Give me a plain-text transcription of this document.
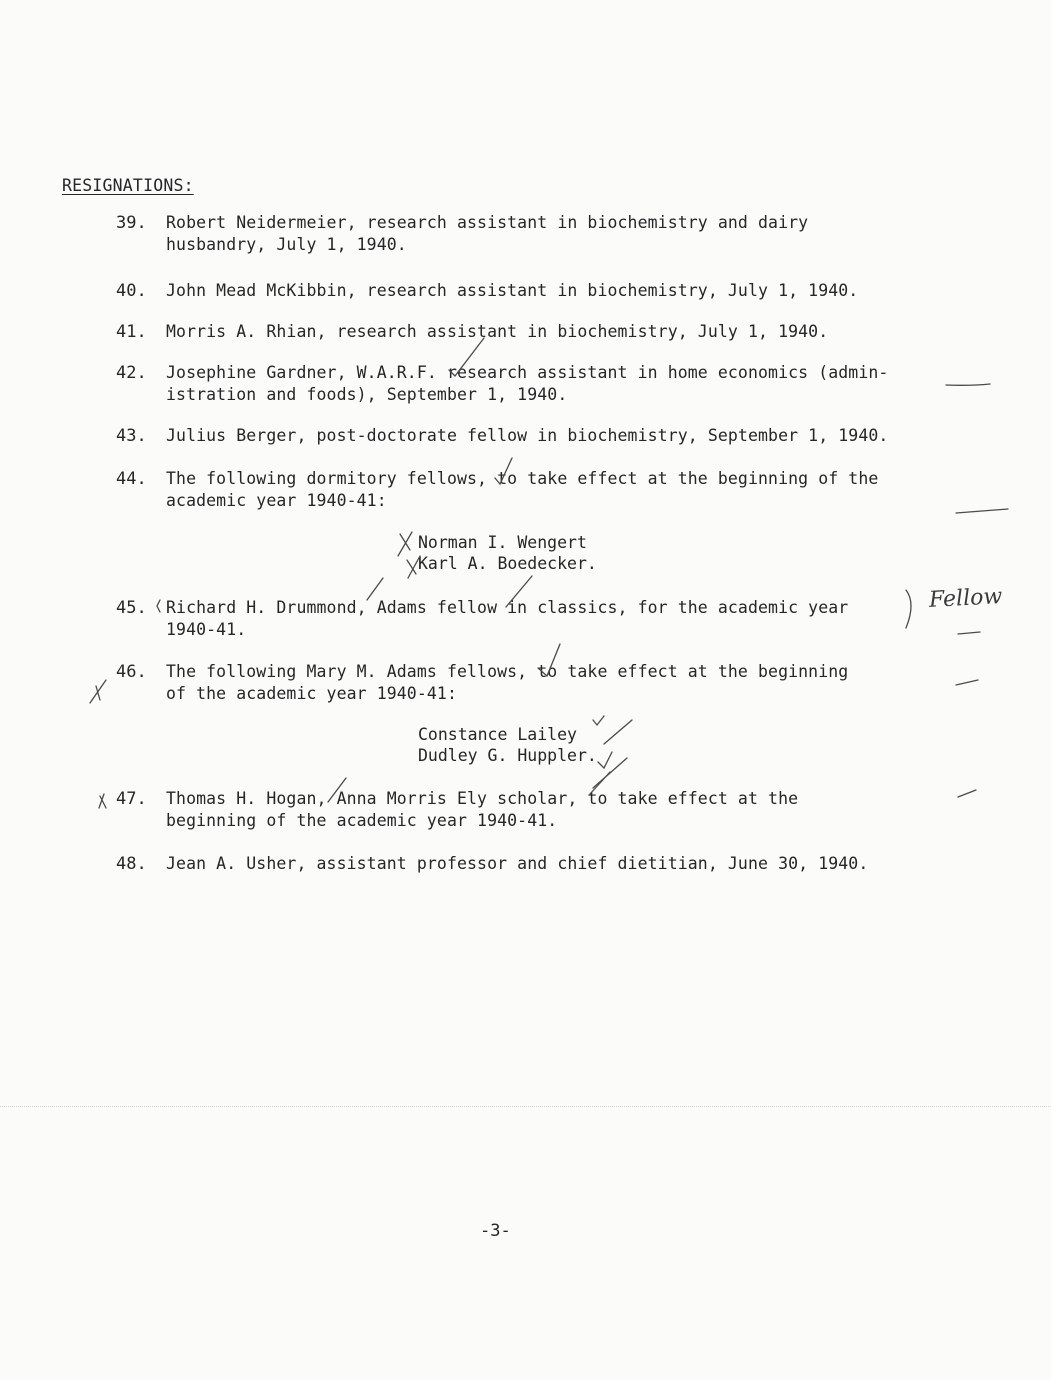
RESIGNATIONS:
39. Robert Neidermeier, research assistant in biochemistry and dairy
husbandry, July 1, 1940.
40. John Mead McKibbin, research assistant in biochemistry, July 1, 1940.
41. Morris A. Rhian, research assistant in biochemistry, July 1, 1940.
42. Josephine Gardner, W.A.R.F. research assistant in home economics (admin-
istration and foods), September 1, 1940.
43. Julius Berger, post-doctorate fellow in biochemistry, September 1, 1940.
44. The following dormitory fellows, to take effect at the beginning of the
academic year 1940-41:
Norman I. Wengert
Karl A. Boedecker.
45. Richard H. Drummond, Adams fellow in classics, for the academic year
1940-41.
46. The following Mary M. Adams fellows, to take effect at the beginning
of the academic year 1940-41:
Constance Lailey
Dudley G. Huppler.
47. Thomas H. Hogan, Anna Morris Ely scholar, to take effect at the
beginning of the academic year 1940-41.
48. Jean A. Usher, assistant professor and chief dietitian, June 30, 1940.
Fellow
-3-
